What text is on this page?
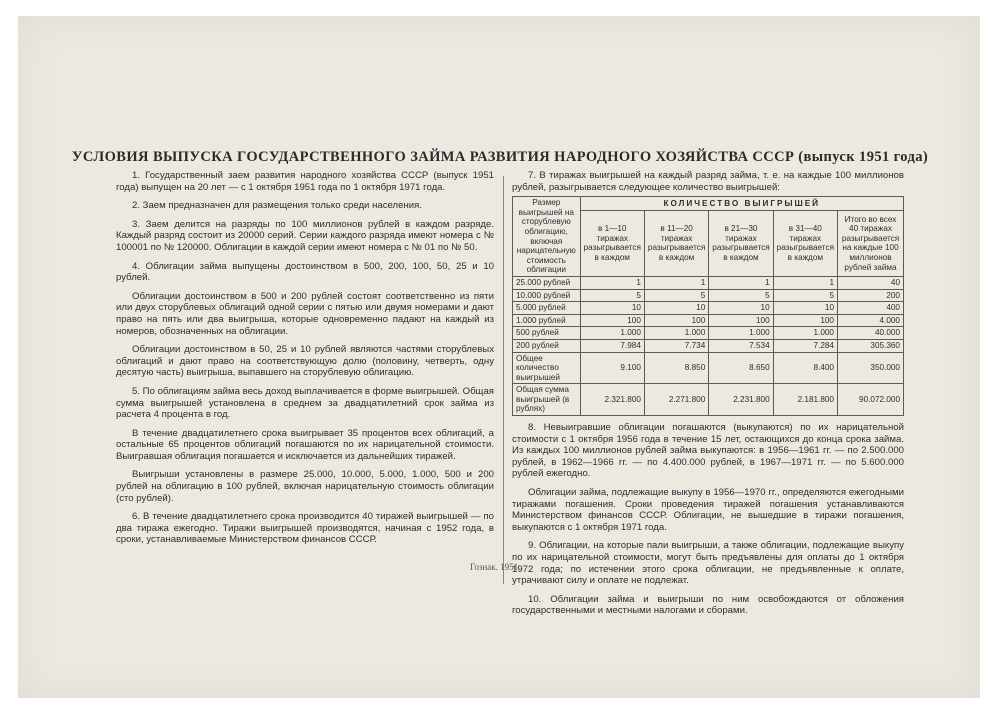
УСЛОВИЯ ВЫПУСКА ГОСУДАРСТВЕННОГО ЗАЙМА РАЗВИТИЯ НАРОДНОГО ХОЗЯЙСТВА СССР (выпуск 1951 года)

1. Государственный заем развития народного хозяйства СССР (выпуск 1951 года) выпущен на 20 лет — с 1 октября 1951 года по 1 октября 1971 года.

2. Заем предназначен для размещения только среди населения.

3. Заем делится на разряды по 100 миллионов рублей в каждом разряде. Каждый разряд состоит из 20000 серий. Серии каждого разряда имеют номера с № 100001 по № 120000. Облигации в каждой серии имеют номера с № 01 по № 50.

4. Облигации займа выпущены достоинством в 500, 200, 100, 50, 25 и 10 рублей.

Облигации достоинством в 500 и 200 рублей состоят соответственно из пяти или двух сторублевых облигаций одной серии с пятью или двумя номерами и дают право на пять или два выигрыша, которые одновременно падают на каждый из номеров, обозначенных на облигации.

Облигации достоинством в 50, 25 и 10 рублей являются частями сторублевых облигаций и дают право на соответствующую долю (половину, четверть, одну десятую часть) выигрыша, выпавшего на сторублевую облигацию.

5. По облигациям займа весь доход выплачивается в форме выигрышей. Общая сумма выигрышей установлена в среднем за двадцатилетний срок займа из расчета 4 процента в год.

В течение двадцатилетнего срока выигрывает 35 процентов всех облигаций, а остальные 65 процентов облигаций погашаются по их нарицательной стоимости. Выигравшая облигация погашается и исключается из дальнейших тиражей.

Выигрыши установлены в размере 25.000, 10.000, 5.000, 1.000, 500 и 200 рублей на облигацию в 100 рублей, включая нарицательную стоимость облигации (сто рублей).

6. В течение двадцатилетнего срока производится 40 тиражей выигрышей — по два тиража ежегодно. Тиражи выигрышей производятся, начиная с 1952 года, в сроки, устанавливаемые Министерством финансов СССР.

7. В тиражах выигрышей на каждый разряд займа, т. е. на каждые 100 миллионов рублей, разыгрывается следующее количество выигрышей:

Размер выигрышей на сторублевую облигацию, включая нарицательную стоимость облигации	КОЛИЧЕСТВО ВЫИГРЫШЕЙ				
	в 1—10 тиражах разыгрывается в каждом	в 11—20 тиражах разыгрывается в каждом	в 21—30 тиражах разыгрывается в каждом	в 31—40 тиражах разыгрывается в каждом	Итого во всех 40 тиражах разыгрывается на каждые 100 миллионов рублей займа
25.000 рублей	1	1	1	1	40
10.000 рублей	5	5	5	5	200
5.000 рублей	10	10	10	10	400
1.000 рублей	100	100	100	100	4.000
500 рублей	1.000	1.000	1.000	1.000	40.000
200 рублей	7.984	7.734	7.534	7.284	305.360
Общее количество выигрышей	9.100	8.850	8.650	8.400	350.000
Общая сумма выигрышей (в рублях)	2.321.800	2.271.800	2.231.800	2.181.800	90.072.000

8. Невыигравшие облигации погашаются (выкупаются) по их нарицательной стоимости с 1 октября 1956 года в течение 15 лет, остающихся до конца срока займа. Из каждых 100 миллионов рублей займа выкупаются: в 1956—1961 гг. — по 2.500.000 рублей, в 1962—1966 гг. — по 4.400.000 рублей, в 1967—1971 гг. — по 5.600.000 рублей ежегодно.

Облигации займа, подлежащие выкупу в 1956—1970 гг., определяются ежегодными тиражами погашения. Сроки проведения тиражей погашения устанавливаются Министерством финансов СССР. Облигации, не вышедшие в тиражи погашения, выкупаются с 1 октября 1971 года.

9. Облигации, на которые пали выигрыши, а также облигации, подлежащие выкупу по их нарицательной стоимости, могут быть предъявлены для оплаты до 1 октября 1972 года; по истечении этого срока облигации, не предъявленные к оплате, утрачивают силу и оплате не подлежат.

10. Облигации займа и выигрыши по ним освобождаются от обложения государственными и местными налогами и сборами.

Гознак. 1951.
